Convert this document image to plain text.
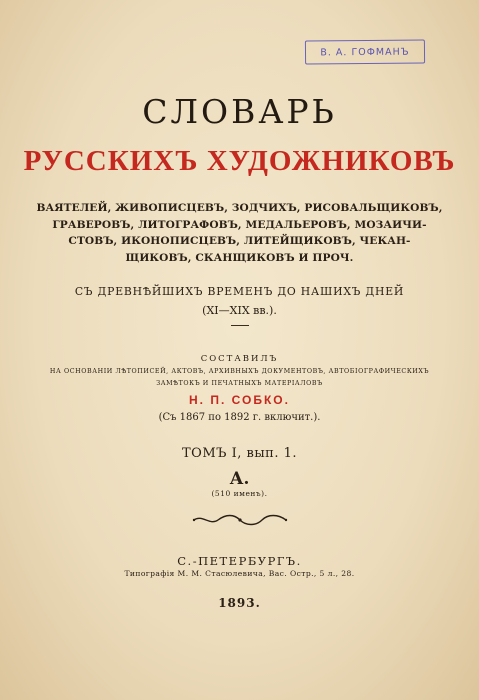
В. А. ГОФМАНЪ
СЛОВАРЬ
РУССКИХЪ ХУДОЖНИКОВЪ
ВАЯТЕЛЕЙ, ЖИВОПИСЦЕВЪ, ЗОДЧИХЪ, РИСОВАЛЬЩИКОВЪ,
ГРАВЕРОВЪ, ЛИТОГРАФОВЪ, МЕДАЛЬЕРОВЪ, МОЗАИЧИ-
СТОВЪ, ИКОНОПИСЦЕВЪ, ЛИТЕЙЩИКОВЪ, ЧЕКАН-
ЩИКОВЪ, СКАНЩИКОВЪ И ПРОЧ.
СЪ ДРЕВНѢЙШИХЪ ВРЕМЕНЪ ДО НАШИХЪ ДНЕЙ
(XI—XIX вв.).
СОСТАВИЛЪ
НА ОСНОВАНІИ ЛѢТОПИСЕЙ, АКТОВЪ, АРХИВНЫХЪ ДОКУМЕНТОВЪ, АВТОБІОГРАФИЧЕСКИХЪ
ЗАМѢТОКЪ И ПЕЧАТНЫХЪ МАТЕРІАЛОВЪ
Н. П. СОБКО.
(Съ 1867 по 1892 г. включит.).
ТОМЪ I, вып. 1.
А.
(510 именъ).
С.-ПЕТЕРБУРГЪ.
Типографія М. М. Стасюлевича, Вас. Остр., 5 л., 28.
1893.
